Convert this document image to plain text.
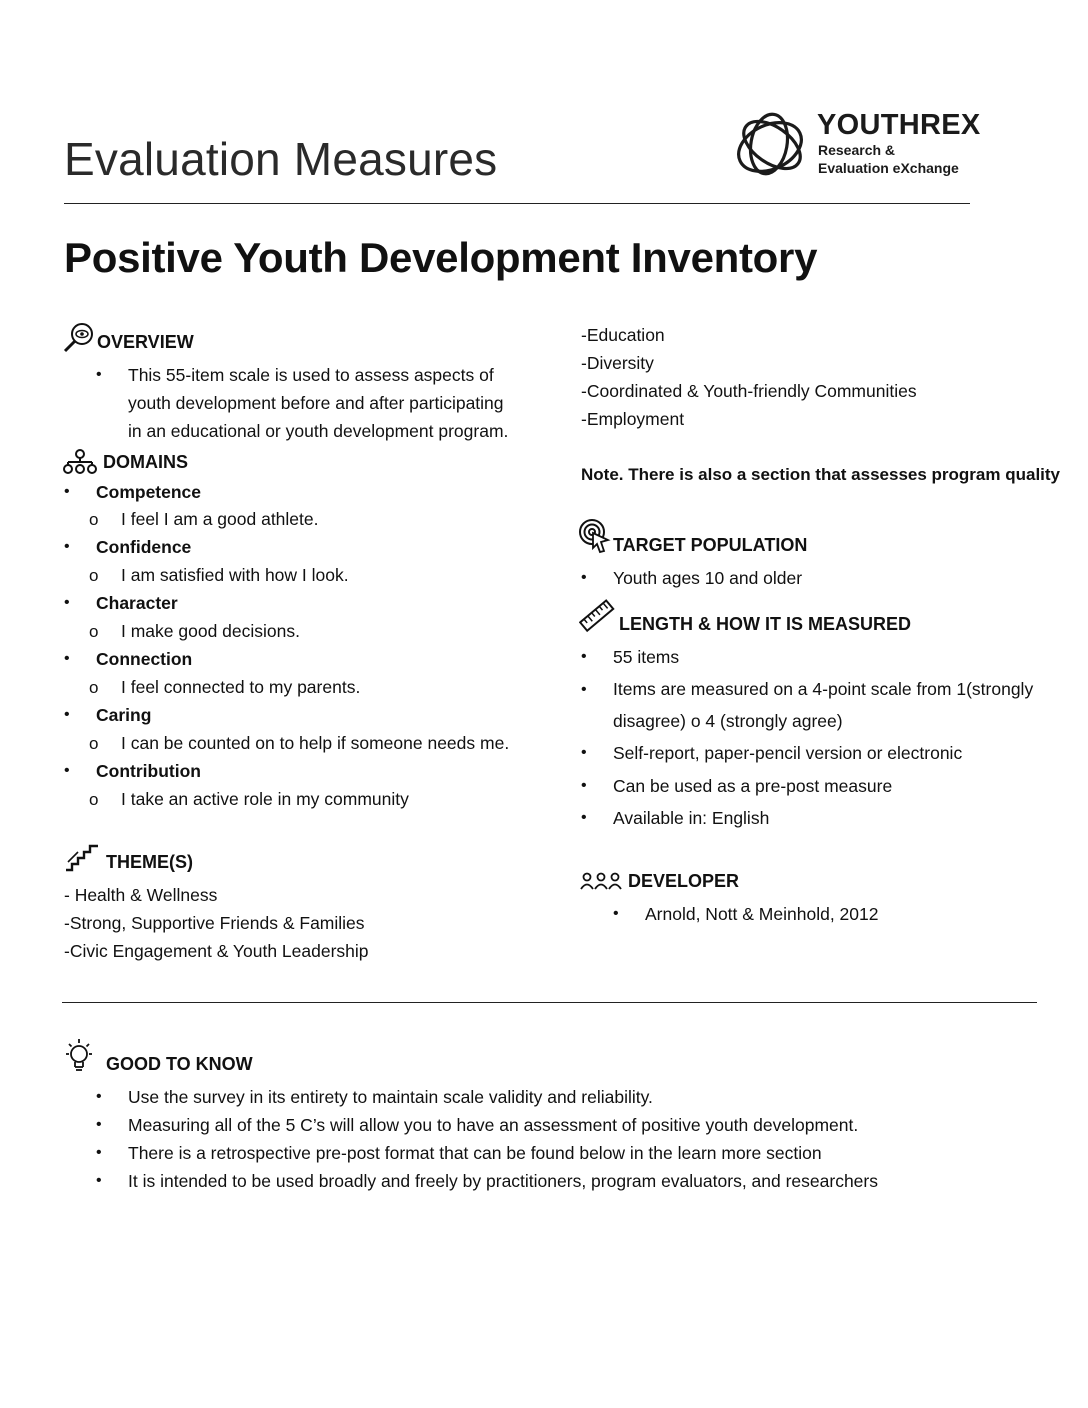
Evaluation Measures
YOUTHREX
Research &
Evaluation eXchange
Positive Youth Development Inventory
OVERVIEW
• This 55-item scale is used to assess aspects of
youth development before and after participating
in an educational or youth development program.
DOMAINS
• Competence
o I feel I am a good athlete.
• Confidence
o I am satisfied with how I look.
• Character
o I make good decisions.
• Connection
o I feel connected to my parents.
• Caring
o I can be counted on to help if someone needs me.
• Contribution
o I take an active role in my community
THEME(S)
- Health & Wellness
-Strong, Supportive Friends & Families
-Civic Engagement & Youth Leadership
-Education
-Diversity
-Coordinated & Youth-friendly Communities
-Employment
Note. There is also a section that assesses program quality
TARGET POPULATION
• Youth ages 10 and older
LENGTH & HOW IT IS MEASURED
• 55 items
• Items are measured on a 4-point scale from 1(strongly
disagree) o 4 (strongly agree)
• Self-report, paper-pencil version or electronic
• Can be used as a pre-post measure
• Available in: English
DEVELOPER
• Arnold, Nott & Meinhold, 2012
GOOD TO KNOW
• Use the survey in its entirety to maintain scale validity and reliability.
• Measuring all of the 5 C’s will allow you to have an assessment of positive youth development.
• There is a retrospective pre-post format that can be found below in the learn more section
• It is intended to be used broadly and freely by practitioners, program evaluators, and researchers
